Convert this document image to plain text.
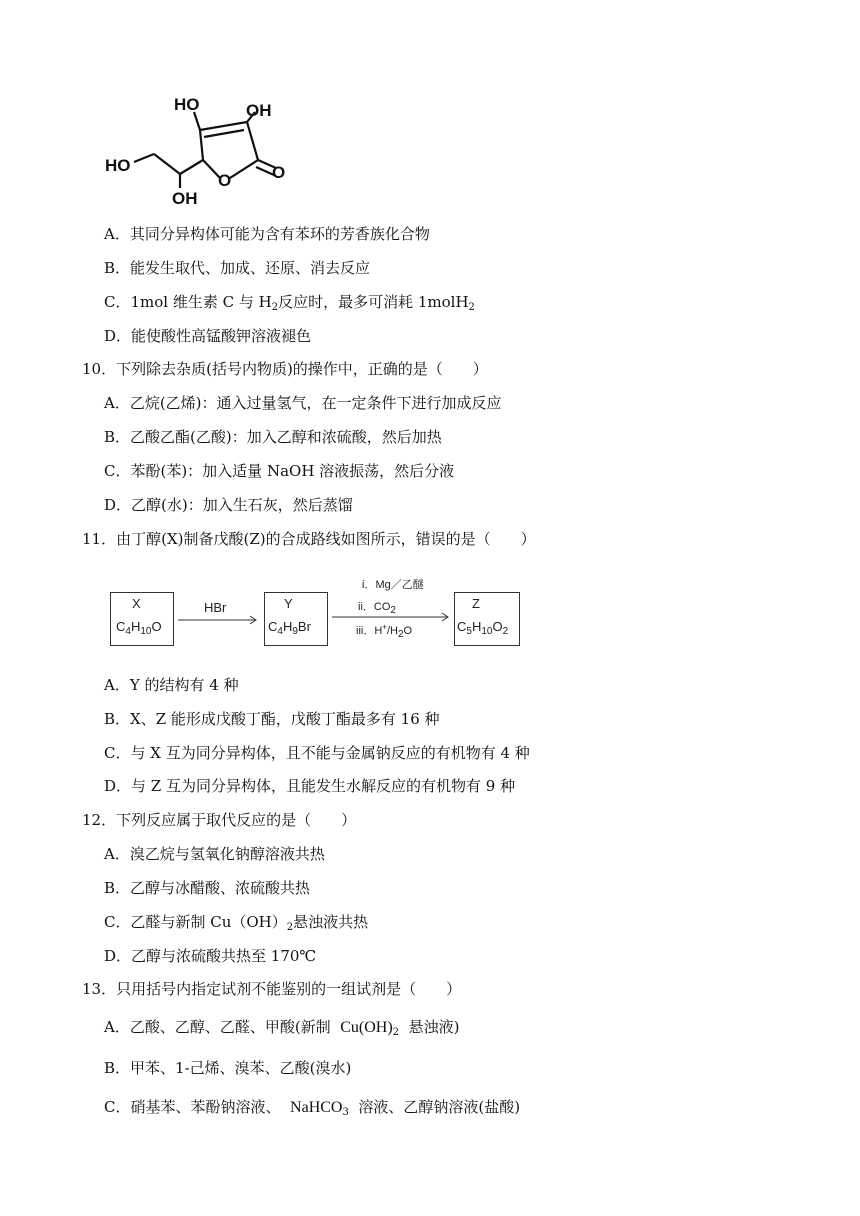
HO	OH
HO
OH
O O
A．其同分异构体可能为含有苯环的芳香族化合物
B．能发生取代、加成、还原、消去反应
C．1mol 维生素 C 与 $H_2$反应时，最多可消耗 1molH$_2$
D．能使酸性高锰酸钾溶液褪色
10．下列除去杂质(括号内物质)的操作中，正确的是（　　）
A．乙烷(乙烯)：通入过量氢气，在一定条件下进行加成反应
B．乙酸乙酯(乙酸)：加入乙醇和浓硫酸，然后加热
C．苯酚(苯)：加入适量 NaOH 溶液振荡，然后分液
D．乙醇(水)：加入生石灰，然后蒸馏
11．由丁醇(X)制备戊酸(Z)的合成路线如图所示，错误的是（　　）
X
$C_4H_{10}O$
HBr	Y
$C_4H_9Br$
i．Mg／乙醚
ii．$CO_2$
iii．$H^+/H_2O$
Z
$C_5H_{10}O_2$
A．Y 的结构有 4 种
B．X、Z 能形成戊酸丁酯，戊酸丁酯最多有 16 种
C．与 X 互为同分异构体，且不能与金属钠反应的有机物有 4 种
D．与 Z 互为同分异构体，且能发生水解反应的有机物有 9 种
12．下列反应属于取代反应的是（　　）
A．溴乙烷与氢氧化钠醇溶液共热
B．乙醇与冰醋酸、浓硫酸共热
C．乙醛与新制 $Cu(OH)_2$悬浊液共热
D．乙醇与浓硫酸共热至 170℃
13．只用括号内指定试剂不能鉴别的一组试剂是（　　）
A．乙酸、乙醇、乙醛、甲酸(新制 $Cu(OH)_2$ 悬浊液)
B．甲苯、1-己烯、溴苯、乙酸(溴水)
C．硝基苯、苯酚钠溶液、 NaHCO$_3$ 溶液、乙醇钠溶液(盐酸)
